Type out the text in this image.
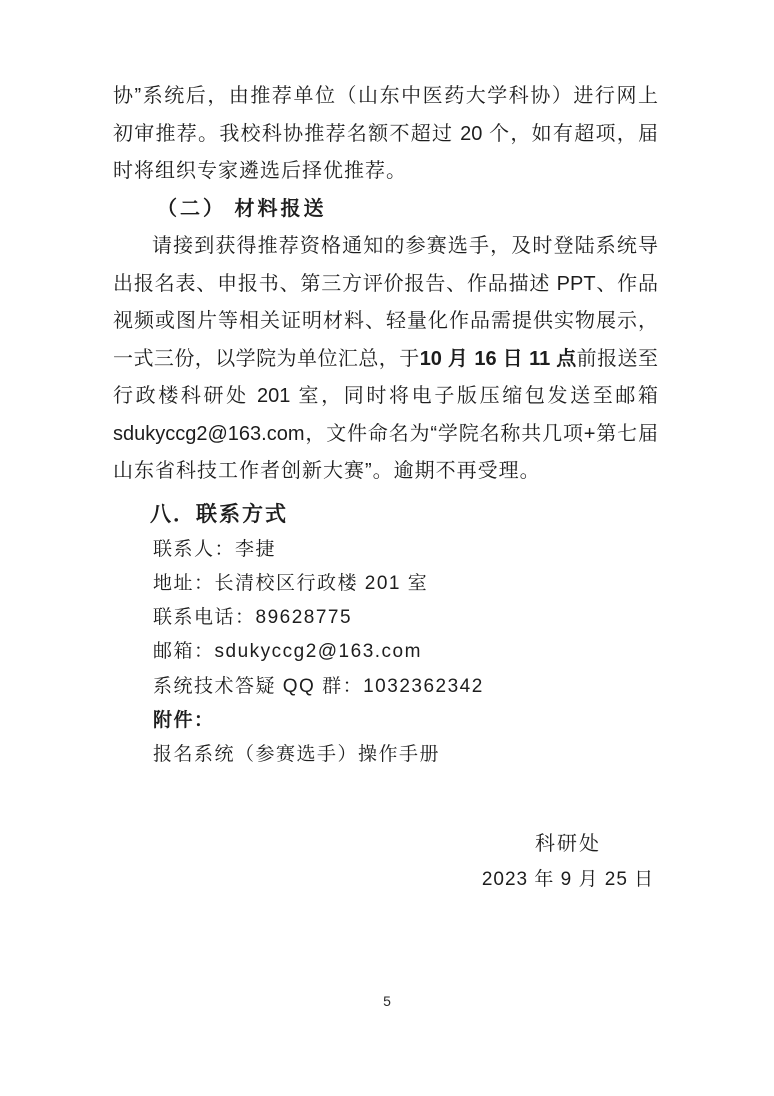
协”系统后，由推荐单位（山东中医药大学科协）进行网上
初审推荐。我校科协推荐名额不超过 20 个，如有超项，届
时将组织专家遴选后择优推荐。
（二） 材料报送
请接到获得推荐资格通知的参赛选手，及时登陆系统导
出报名表、申报书、第三方评价报告、作品描述 PPT、作品
视频或图片等相关证明材料、轻量化作品需提供实物展示，
一式三份，以学院为单位汇总，于10 月 16 日 11 点前报送至
行政楼科研处 201 室，同时将电子版压缩包发送至邮箱
sdukyccg2@163.com，文件命名为“学院名称共几项+第七届
山东省科技工作者创新大赛”。逾期不再受理。
八．联系方式
联系人：李捷
地址：长清校区行政楼 201 室
联系电话：89628775
邮箱：sdukyccg2@163.com
系统技术答疑 QQ 群：1032362342
附件：
报名系统（参赛选手）操作手册
科研处
2023 年 9 月 25 日
5
